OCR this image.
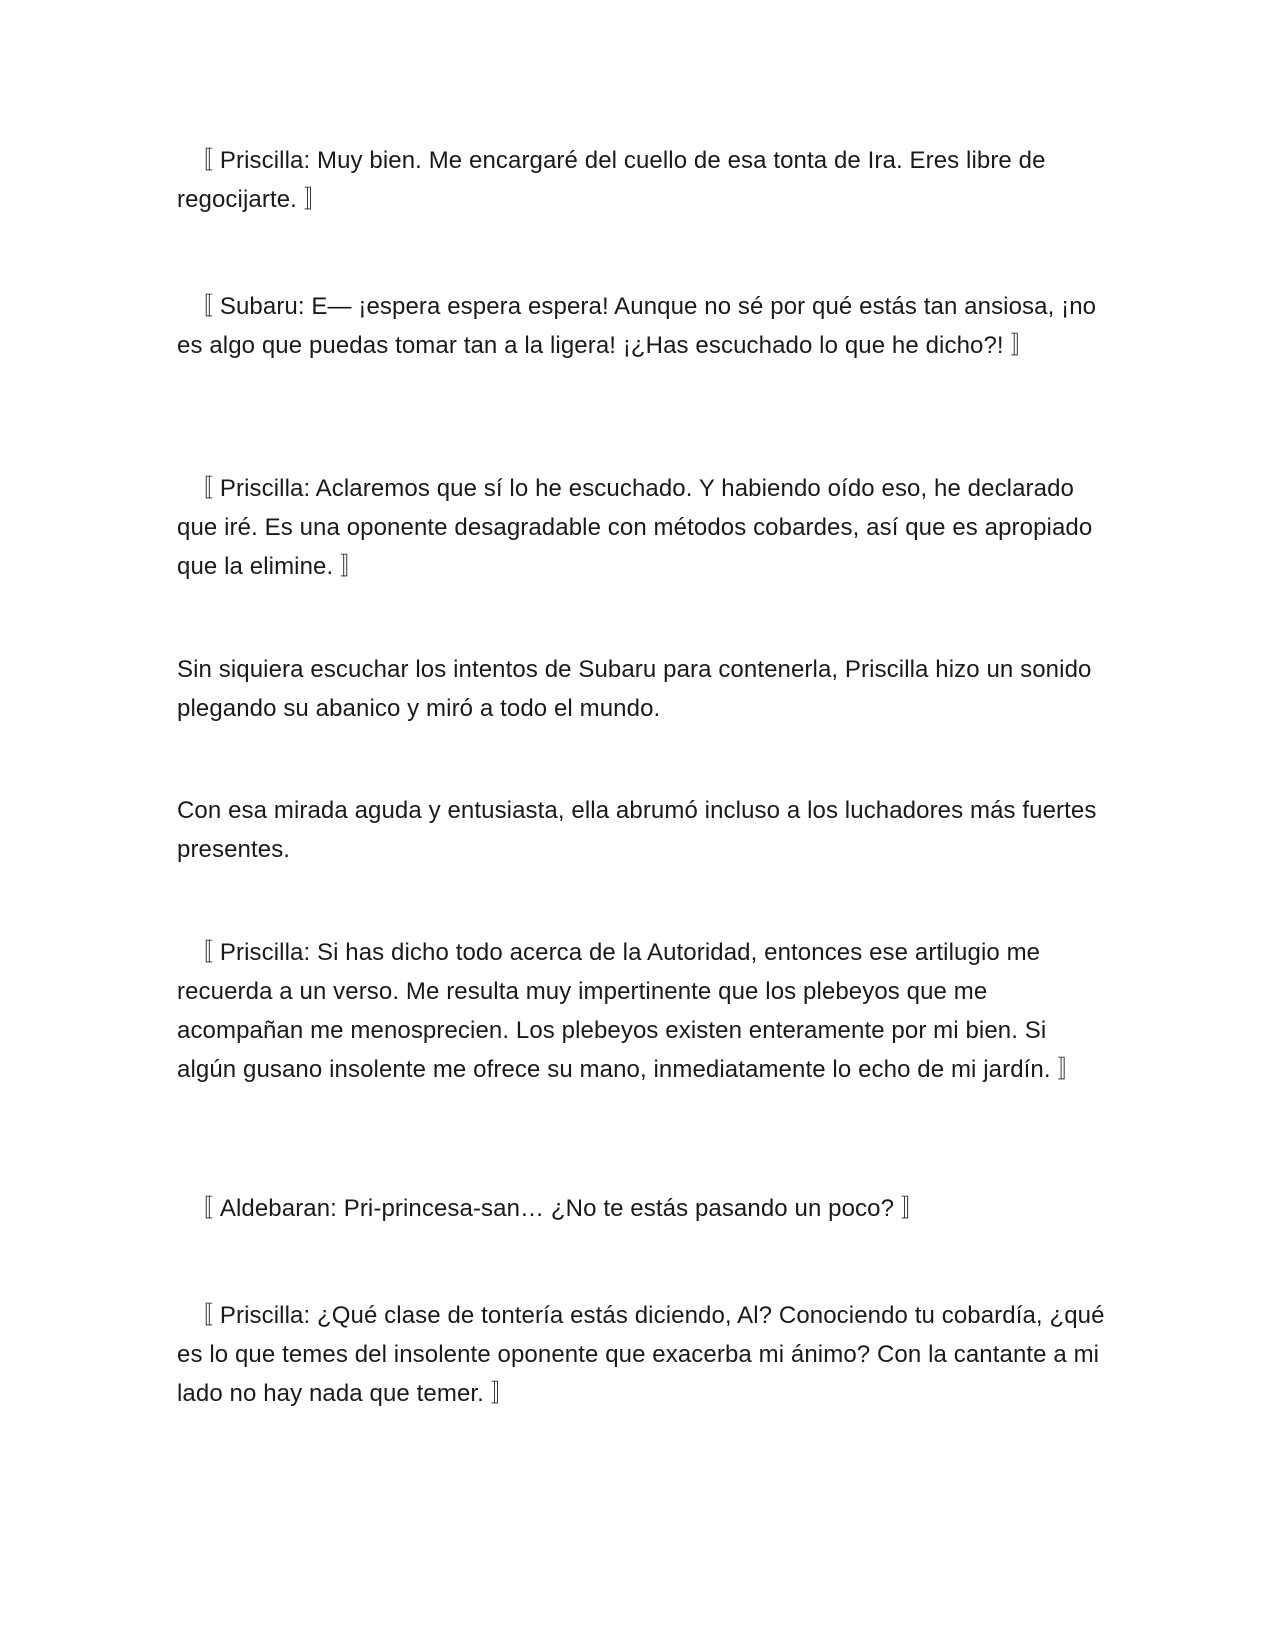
〚 Priscilla: Muy bien. Me encargaré del cuello de esa tonta de Ira. Eres libre de regocijarte. 〛

〚 Subaru: E— ¡espera espera espera! Aunque no sé por qué estás tan ansiosa, ¡no es algo que puedas tomar tan a la ligera! ¡¿Has escuchado lo que he dicho?! 〛

〚 Priscilla: Aclaremos que sí lo he escuchado. Y habiendo oído eso, he declarado que iré. Es una oponente desagradable con métodos cobardes, así que es apropiado que la elimine. 〛

Sin siquiera escuchar los intentos de Subaru para contenerla, Priscilla hizo un sonido plegando su abanico y miró a todo el mundo.

Con esa mirada aguda y entusiasta, ella abrumó incluso a los luchadores más fuertes presentes.

〚 Priscilla: Si has dicho todo acerca de la Autoridad, entonces ese artilugio me recuerda a un verso. Me resulta muy impertinente que los plebeyos que me acompañan me menosprecien. Los plebeyos existen enteramente por mi bien. Si algún gusano insolente me ofrece su mano, inmediatamente lo echo de mi jardín. 〛

〚 Aldebaran: Pri-princesa-san… ¿No te estás pasando un poco? 〛

〚 Priscilla: ¿Qué clase de tontería estás diciendo, Al? Conociendo tu cobardía, ¿qué es lo que temes del insolente oponente que exacerba mi ánimo? Con la cantante a mi lado no hay nada que temer. 〛
